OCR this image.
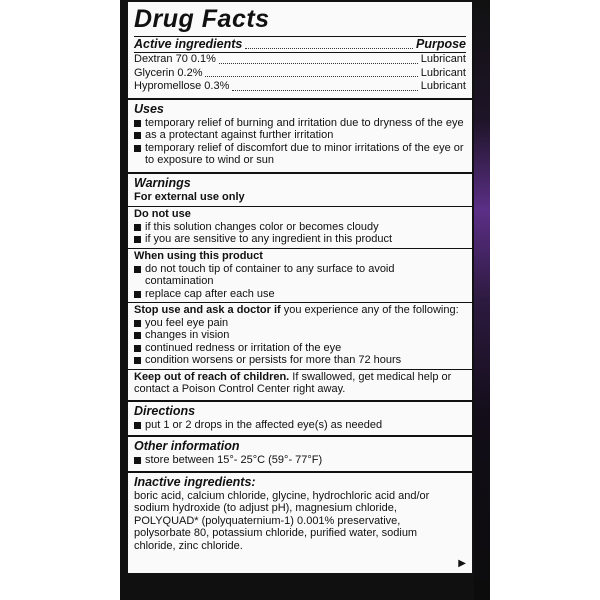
Drug Facts
Active ingredients	Purpose
Dextran 70 0.1%	Lubricant
Glycerin 0.2%	Lubricant
Hypromellose 0.3%	Lubricant
Uses
temporary relief of burning and irritation due to dryness of the eye
as a protectant against further irritation
temporary relief of discomfort due to minor irritations of the eye or to exposure to wind or sun
Warnings
For external use only
Do not use
if this solution changes color or becomes cloudy
if you are sensitive to any ingredient in this product
When using this product
do not touch tip of container to any surface to avoid contamination
replace cap after each use
Stop use and ask a doctor if you experience any of the following:
you feel eye pain
changes in vision
continued redness or irritation of the eye
condition worsens or persists for more than 72 hours
Keep out of reach of children. If swallowed, get medical help or contact a Poison Control Center right away.
Directions
put 1 or 2 drops in the affected eye(s) as needed
Other information
store between 15°- 25°C (59°- 77°F)
Inactive ingredients:
boric acid, calcium chloride, glycine, hydrochloric acid and/or sodium hydroxide (to adjust pH), magnesium chloride, POLYQUAD* (polyquaternium-1) 0.001% preservative, polysorbate 80, potassium chloride, purified water, sodium chloride, zinc chloride.
▶
